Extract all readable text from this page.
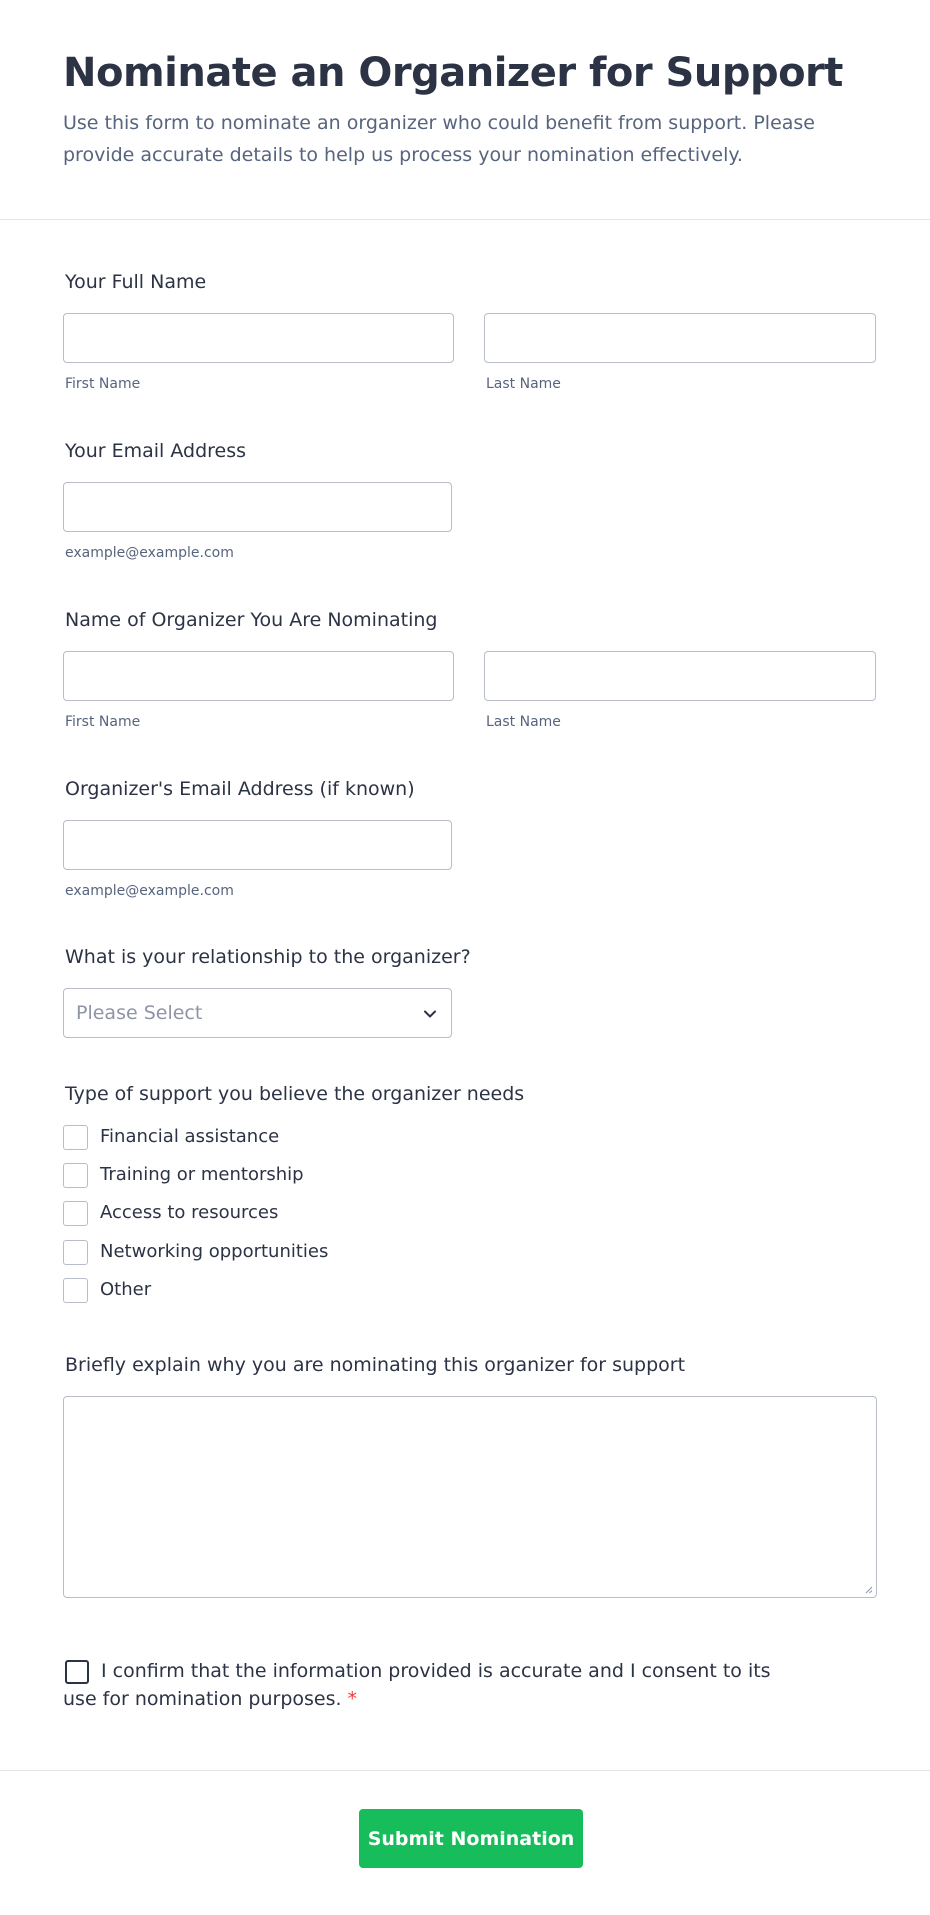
Nominate an Organizer for Support

Use this form to nominate an organizer who could benefit from support. Please provide accurate details to help us process your nomination effectively.

Your Full Name
First Name	Last Name
Your Email Address
example@example.com
Name of Organizer You Are Nominating
First Name	Last Name
Organizer's Email Address (if known)
example@example.com
What is your relationship to the organizer?
Please Select
Type of support you believe the organizer needs
Financial assistance
Training or mentorship
Access to resources
Networking opportunities
Other
Briefly explain why you are nominating this organizer for support
I confirm that the information provided is accurate and I consent to its use for nomination purposes. *
Submit Nomination
